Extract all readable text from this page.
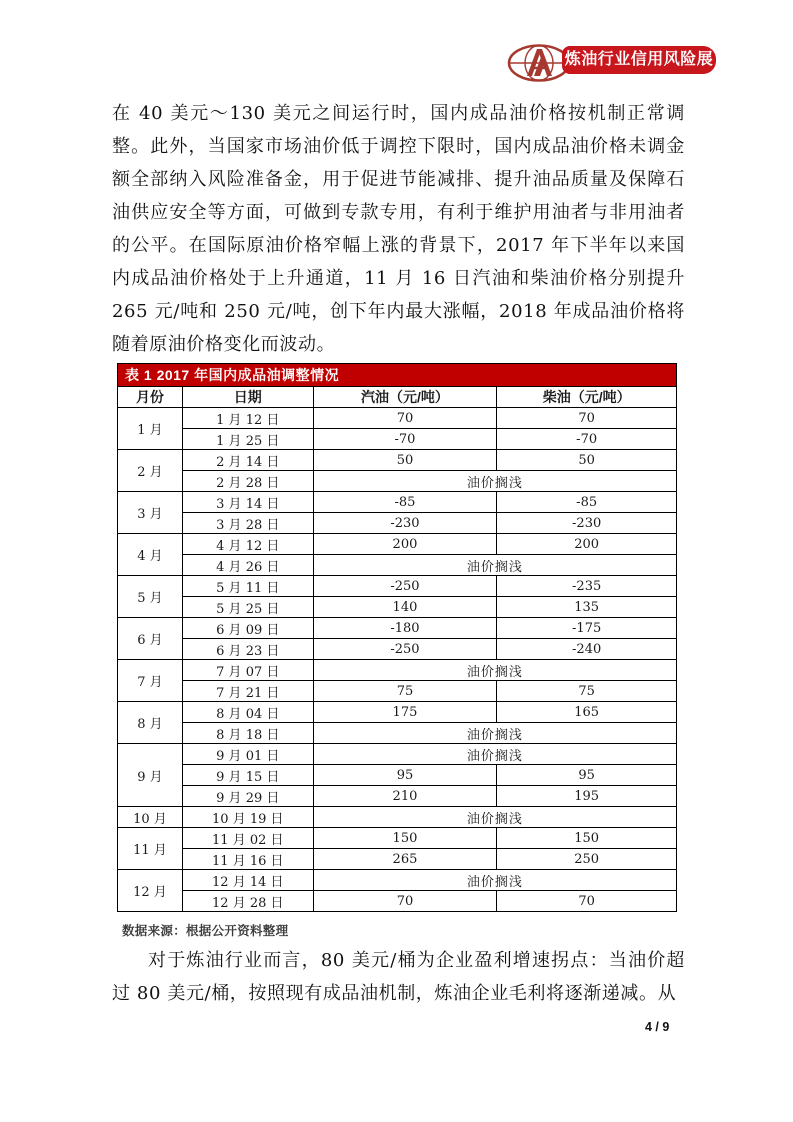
炼油行业信用风险展望
在 40 美元～130 美元之间运行时，国内成品油价格按机制正常调整。此外，当国家市场油价低于调控下限时，国内成品油价格未调金额全部纳入风险准备金，用于促进节能减排、提升油品质量及保障石油供应安全等方面，可做到专款专用，有利于维护用油者与非用油者的公平。在国际原油价格窄幅上涨的背景下，2017 年下半年以来国内成品油价格处于上升通道，11 月 16 日汽油和柴油价格分别提升 265 元/吨和 250 元/吨，创下年内最大涨幅，2018 年成品油价格将随着原油价格变化而波动。
表 1 2017 年国内成品油调整情况
月份	日期	汽油（元/吨）	柴油（元/吨）
1 月	1 月 12 日	70	70
	1 月 25 日	-70	-70
2 月	2 月 14 日	50	50
	2 月 28 日	油价搁浅	
3 月	3 月 14 日	-85	-85
	3 月 28 日	-230	-230
4 月	4 月 12 日	200	200
	4 月 26 日	油价搁浅	
5 月	5 月 11 日	-250	-235
	5 月 25 日	140	135
6 月	6 月 09 日	-180	-175
	6 月 23 日	-250	-240
7 月	7 月 07 日	油价搁浅	
	7 月 21 日	75	75
8 月	8 月 04 日	175	165
	8 月 18 日	油价搁浅	
9 月	9 月 01 日	油价搁浅	
	9 月 15 日	95	95
	9 月 29 日	210	195
10 月	10 月 19 日	油价搁浅	
11 月	11 月 02 日	150	150
	11 月 16 日	265	250
12 月	12 月 14 日	油价搁浅	
	12 月 28 日	70	70
数据来源：根据公开资料整理
对于炼油行业而言，80 美元/桶为企业盈利增速拐点：当油价超过 80 美元/桶，按照现有成品油机制，炼油企业毛利将逐渐递减。从
4 / 9
